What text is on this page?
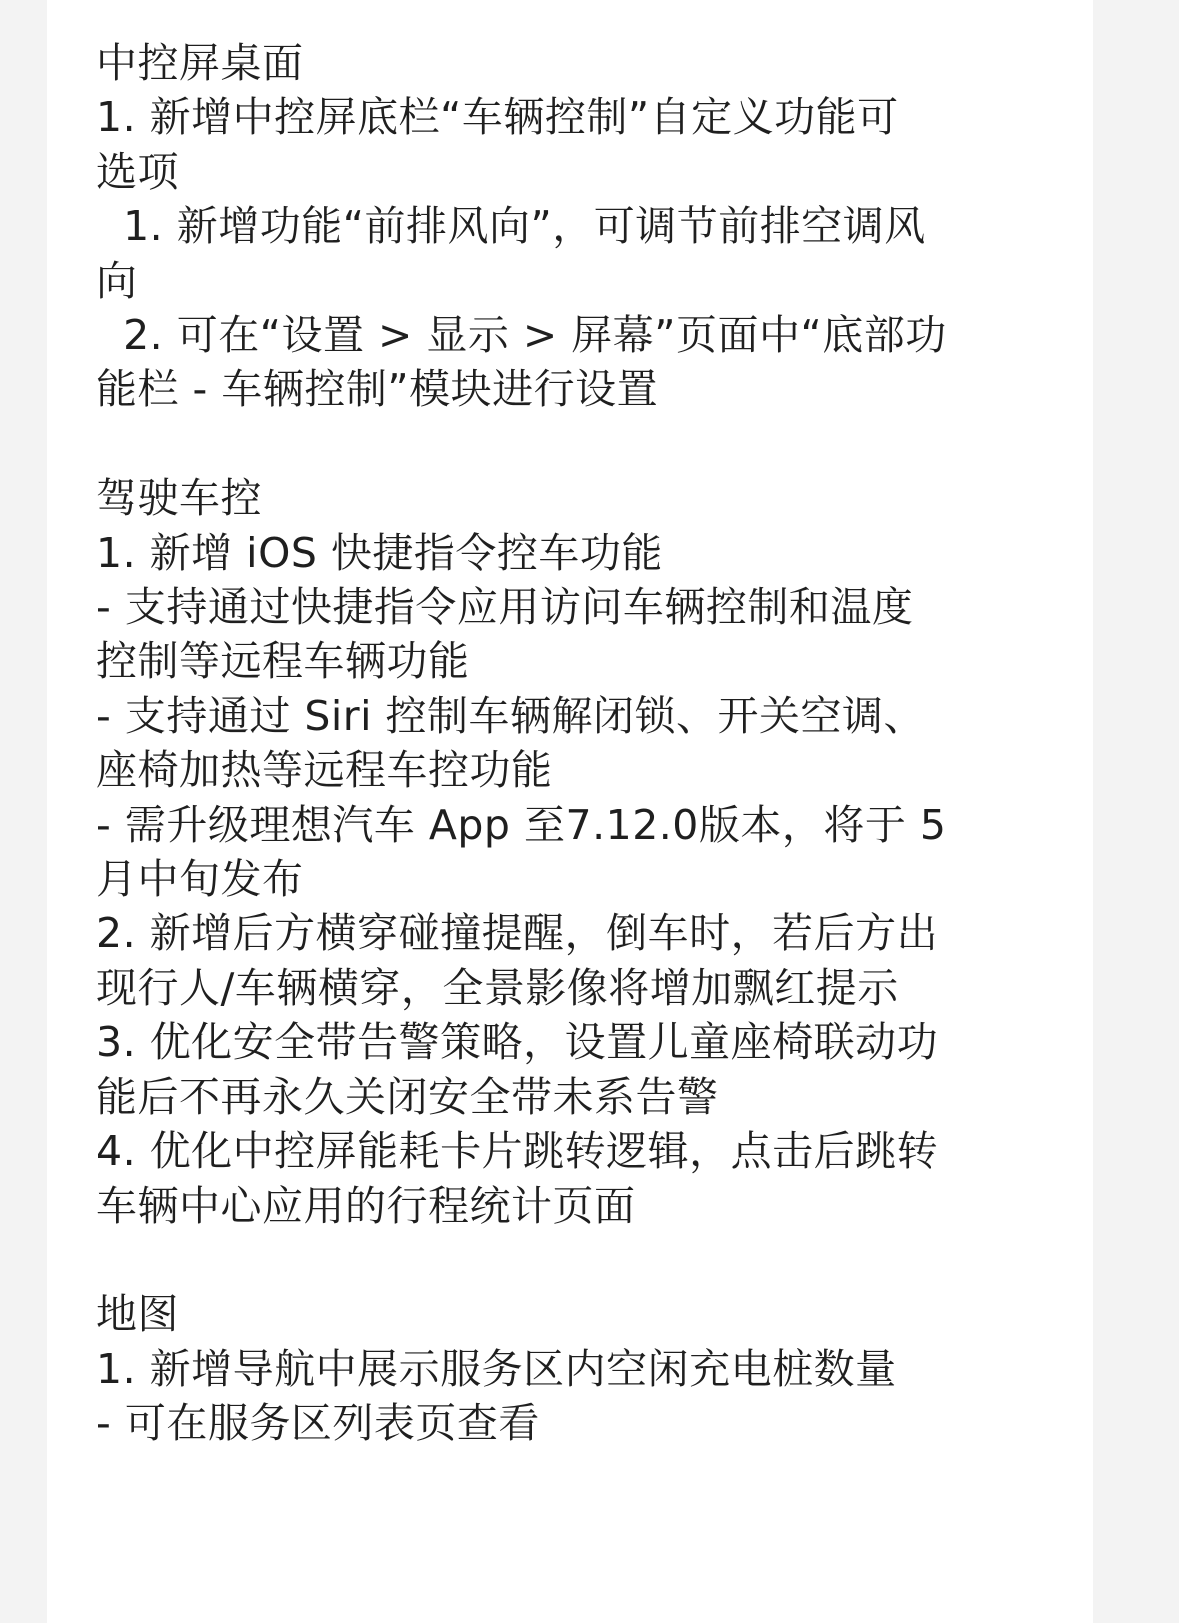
中控屏桌面
1. 新增中控屏底栏“车辆控制”自定义功能可
选项
1. 新增功能“前排风向”，可调节前排空调风
向
2. 可在“设置 > 显示 > 屏幕”页面中“底部功
能栏 - 车辆控制”模块进行设置
驾驶车控
1. 新增 iOS 快捷指令控车功能
- 支持通过快捷指令应用访问车辆控制和温度
控制等远程车辆功能
- 支持通过 Siri 控制车辆解闭锁、开关空调、
座椅加热等远程车控功能
- 需升级理想汽车 App 至7.12.0版本，将于 5
月中旬发布
2. 新增后方横穿碰撞提醒，倒车时，若后方出
现行人/车辆横穿，全景影像将增加飘红提示
3. 优化安全带告警策略，设置儿童座椅联动功
能后不再永久关闭安全带未系告警
4. 优化中控屏能耗卡片跳转逻辑，点击后跳转
车辆中心应用的行程统计页面
地图
1. 新增导航中展示服务区内空闲充电桩数量
- 可在服务区列表页查看
